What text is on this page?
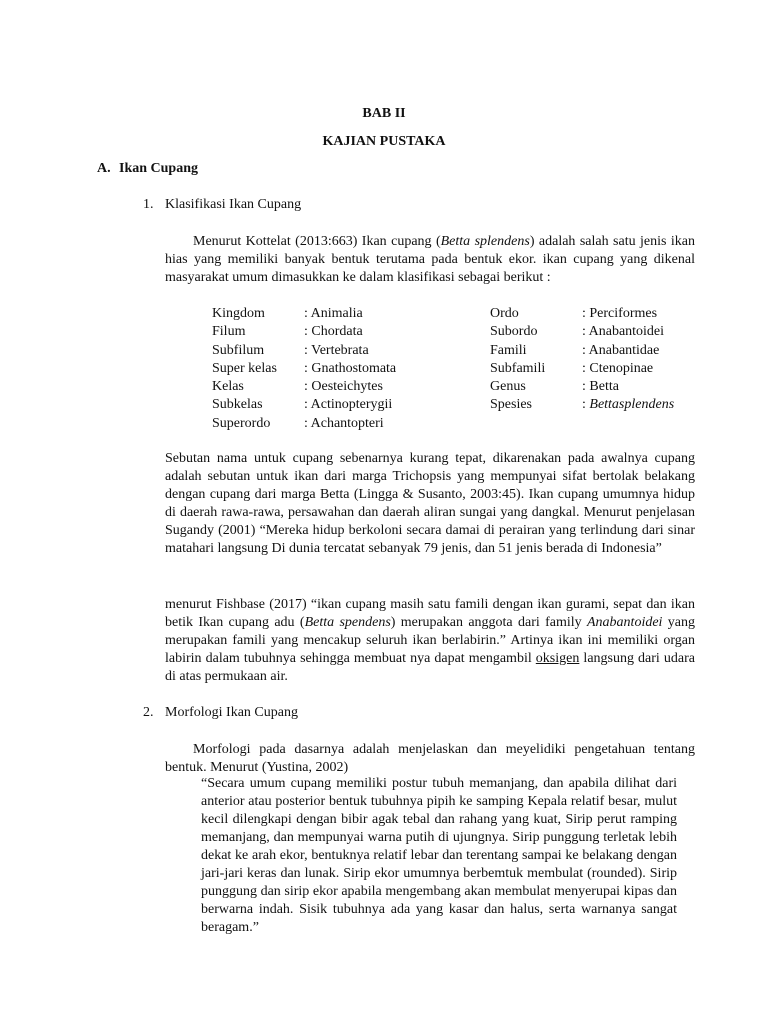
BAB II
KAJIAN PUSTAKA
A. Ikan Cupang
1. Klasifikasi Ikan Cupang
Menurut Kottelat (2013:663) Ikan cupang (Betta splendens) adalah salah satu jenis ikan hias yang memiliki banyak bentuk terutama pada bentuk ekor. ikan cupang yang dikenal masyarakat umum dimasukkan ke dalam klasifikasi sebagai berikut :
Kingdom	: Animalia
Filum	: Chordata
Subfilum	: Vertebrata
Super kelas	: Gnathostomata
Kelas	: Oesteichytes
Subkelas	: Actinopterygii
Superordo	: Achantopteri
Ordo	: Perciformes
Subordo	: Anabantoidei
Famili	: Anabantidae
Subfamili	: Ctenopinae
Genus	: Betta
Spesies	: Bettasplendens
Sebutan nama untuk cupang sebenarnya kurang tepat, dikarenakan pada awalnya cupang adalah sebutan untuk ikan dari marga Trichopsis yang mempunyai sifat bertolak belakang dengan cupang dari marga Betta (Lingga & Susanto, 2003:45). Ikan cupang umumnya hidup di daerah rawa-rawa, persawahan dan daerah aliran sungai yang dangkal. Menurut penjelasan Sugandy (2001) “Mereka hidup berkoloni secara damai di perairan yang terlindung dari sinar matahari langsung Di dunia tercatat sebanyak 79 jenis, dan 51 jenis berada di Indonesia”
menurut Fishbase (2017) “ikan cupang masih satu famili dengan ikan gurami, sepat dan ikan betik Ikan cupang adu (Betta spendens) merupakan anggota dari family Anabantoidei yang merupakan famili yang mencakup seluruh ikan berlabirin.” Artinya ikan ini memiliki organ labirin dalam tubuhnya sehingga membuat nya dapat mengambil oksigen langsung dari udara di atas permukaan air.
2. Morfologi Ikan Cupang
Morfologi pada dasarnya adalah menjelaskan dan meyelidiki pengetahuan tentang bentuk. Menurut (Yustina, 2002)
“Secara umum cupang memiliki postur tubuh memanjang, dan apabila dilihat dari anterior atau posterior bentuk tubuhnya pipih ke samping Kepala relatif besar, mulut kecil dilengkapi dengan bibir agak tebal dan rahang yang kuat, Sirip perut ramping memanjang, dan mempunyai warna putih di ujungnya. Sirip punggung terletak lebih dekat ke arah ekor, bentuknya relatif lebar dan terentang sampai ke belakang dengan jari-jari keras dan lunak. Sirip ekor umumnya berbemtuk membulat (rounded). Sirip punggung dan sirip ekor apabila mengembang akan membulat menyerupai kipas dan berwarna indah. Sisik tubuhnya ada yang kasar dan halus, serta warnanya sangat beragam.”
